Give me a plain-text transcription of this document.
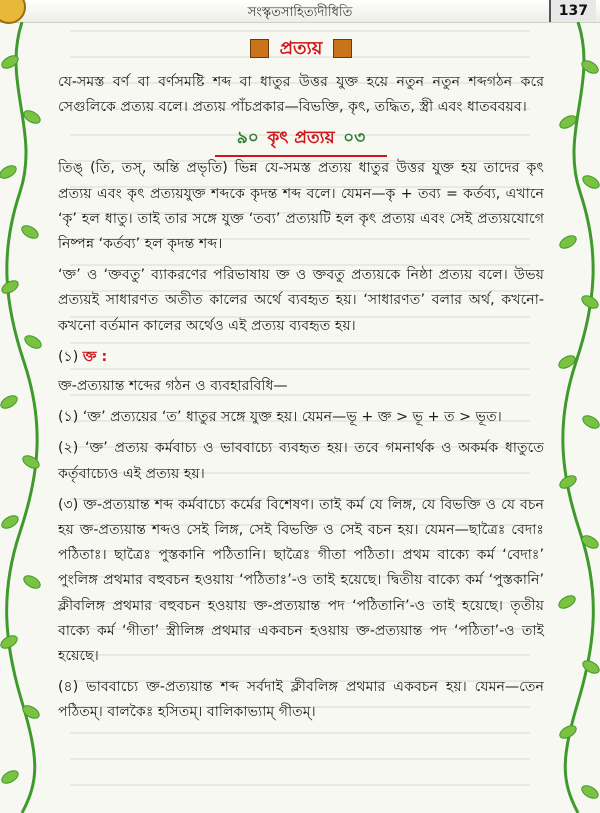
সংস্কৃতসাহিত্যদীধিতি	137
প্রত্যয়

যে-সমস্ত বর্ণ বা বর্ণসমষ্টি শব্দ বা ধাতুর উত্তর যুক্ত হয়ে নতুন নতুন শব্দগঠন করে সেগুলিকে প্রত্যয় বলে। প্রত্যয় পাঁচপ্রকার—বিভক্তি, কৃৎ, তদ্ধিত, স্ত্রী এবং ধাতববয়ব।

৯০ কৃৎ প্রত্যয় ০৩

তিঙ্ (তি, তস্, অন্তি প্রভৃতি) ভিন্ন যে-সমস্ত প্রত্যয় ধাতুর উত্তর যুক্ত হয় তাদের কৃৎ প্রত্যয় এবং কৃৎ প্রত্যয়যুক্ত শব্দকে কৃদন্ত শব্দ বলে। যেমন—কৃ + তব্য = কর্তব্য, এখানে ‘কৃ’ হল ধাতু। তাই তার সঙ্গে যুক্ত ‘তব্য’ প্রত্যয়টি হল কৃৎ প্রত্যয় এবং সেই প্রত্যয়যোগে নিষ্পন্ন ‘কর্তব্য’ হল কৃদন্ত শব্দ।

‘ক্ত’ ও ‘ক্তবতু’ ব্যাকরণের পরিভাষায় ক্ত ও ক্তবতু প্রত্যয়কে নিষ্ঠা প্রত্যয় বলে। উভয় প্রত্যয়ই সাধারণত অতীত কালের অর্থে ব্যবহৃত হয়। ‘সাধারণত’ বলার অর্থ, কখনো-কখনো বর্তমান কালের অর্থেও এই প্রত্যয় ব্যবহৃত হয়।

(১) ক্ত :

ক্ত-প্রত্যয়ান্ত শব্দের গঠন ও ব্যবহারবিধি—

(১) ‘ক্ত’ প্রত্যয়ের ‘ত’ ধাতুর সঙ্গে যুক্ত হয়। যেমন—ভূ + ক্ত > ভূ + ত > ভূত।

(২) ‘ক্ত’ প্রত্যয় কর্মবাচ্য ও ভাববাচ্যে ব্যবহৃত হয়। তবে গমনার্থক ও অকর্মক ধাতুতে কর্তৃবাচ্যেও এই প্রত্যয় হয়।

(৩) ক্ত-প্রত্যয়ান্ত শব্দ কর্মবাচ্যে কর্মের বিশেষণ। তাই কর্ম যে লিঙ্গ, যে বিভক্তি ও যে বচন হয় ক্ত-প্রত্যয়ান্ত শব্দও সেই লিঙ্গ, সেই বিভক্তি ও সেই বচন হয়। যেমন—ছাত্রৈঃ বেদাঃ পঠিতাঃ। ছাত্রৈঃ পুস্তকানি পঠিতানি। ছাত্রৈঃ গীতা পঠিতা। প্রথম বাক্যে কর্ম ‘বেদাঃ’ পুংলিঙ্গ প্রথমার বহুবচন হওয়ায় ‘পঠিতাঃ’-ও তাই হয়েছে। দ্বিতীয় বাক্যে কর্ম ‘পুস্তকানি’ ক্লীবলিঙ্গ প্রথমার বহুবচন হওয়ায় ক্ত-প্রত্যয়ান্ত পদ ‘পঠিতানি’-ও তাই হয়েছে। তৃতীয় বাক্যে কর্ম ‘গীতা’ স্ত্রীলিঙ্গ প্রথমার একবচন হওয়ায় ক্ত-প্রত্যয়ান্ত পদ ‘পঠিতা’-ও তাই হয়েছে।

(৪) ভাববাচ্যে ক্ত-প্রত্যয়ান্ত শব্দ সর্বদাই ক্লীবলিঙ্গ প্রথমার একবচন হয়। যেমন—তেন পঠিতম্। বালকৈঃ হসিতম্। বালিকাভ্যাম্ গীতম্।
